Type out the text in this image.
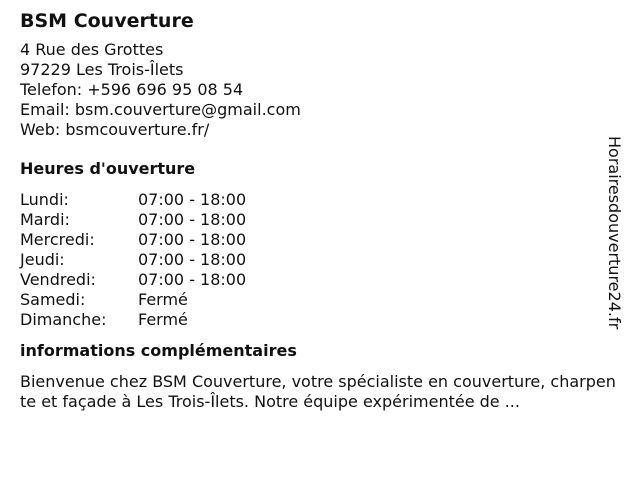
BSM Couverture
4 Rue des Grottes
97229 Les Trois-Îlets
Telefon: +596 696 95 08 54
Email: bsm.couverture@gmail.com
Web: bsmcouverture.fr/
Heures d'ouverture
Lundi:	07:00 - 18:00
Mardi:	07:00 - 18:00
Mercredi:	07:00 - 18:00
Jeudi:	07:00 - 18:00
Vendredi:	07:00 - 18:00
Samedi:	Fermé
Dimanche:	Fermé
informations complémentaires
Bienvenue chez BSM Couverture, votre spécialiste en couverture, charpente et façade à Les Trois-Îlets. Notre équipe expérimentée de ...
Horairesdouverture24.fr
